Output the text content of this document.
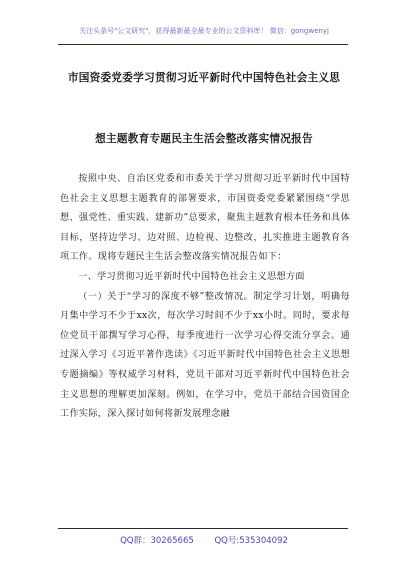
关注头条号"公文研究"，获得最新最全最专业的公文资料库！ 微信：gongwenyj
市国资委党委学习贯彻习近平新时代中国特色社会主义思
想主题教育专题民主生活会整改落实情况报告

按照中央、自治区党委和市委关于学习贯彻习近平新时代中国特色社会主义思想主题教育的部署要求，市国资委党委紧紧围绕“学思想、强党性、重实践、建新功”总要求，聚焦主题教育根本任务和具体目标，坚持边学习、边对照、边检视、边整改，扎实推进主题教育各项工作。现将专题民主生活会整改落实情况报告如下：

一、学习贯彻习近平新时代中国特色社会主义思想方面

（一）关于“学习的深度不够”整改情况。制定学习计划，明确每月集中学习不少于xx次，每次学习时间不少于xx小时。同时，要求每位党员干部撰写学习心得，每季度进行一次学习心得交流分享会。通过深入学习《习近平著作选读》《习近平新时代中国特色社会主义思想专题摘编》等权威学习材料，党员干部对习近平新时代中国特色社会主义思想的理解更加深刻。例如，在学习中，党员干部结合国资国企工作实际，深入探讨如何将新发展理念融

QQ群：30265665 QQ号:535304092
